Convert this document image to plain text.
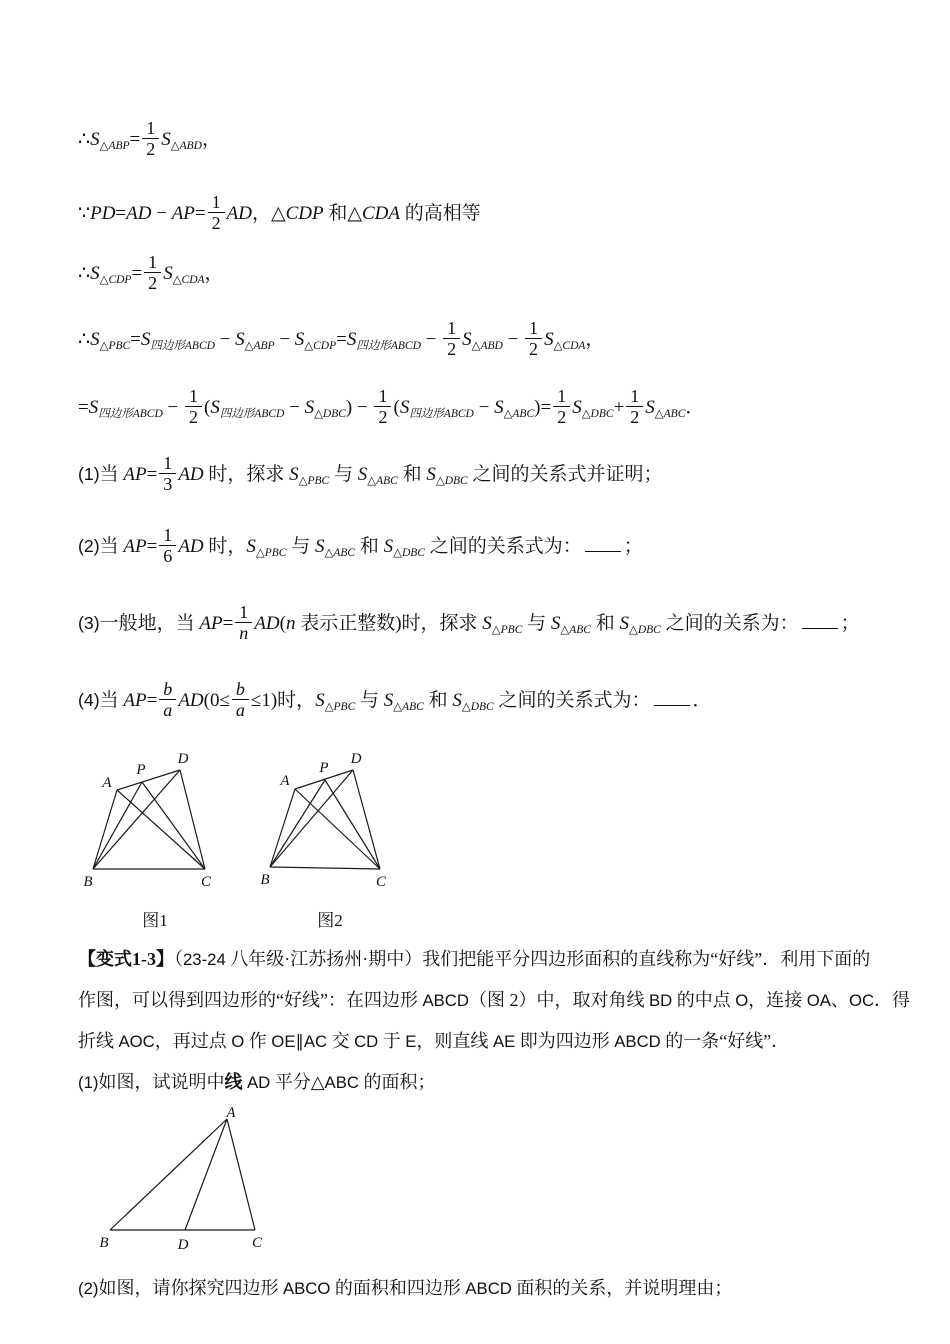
$\therefore S_{\triangle ABP}= \frac{1}{2} S_{\triangle ABD}$，
∵PD=AD − $AP= \frac{1}{2}$ AD，△CDP 和△CDA 的高相等
$\therefore S_{\triangle CDP}= \frac{1}{2} S_{\triangle CDA}$，
$\therefore S_{\triangle PBC}=S_{四边形ABCD} - S_{\triangle ABP} - S_{\triangle CDP}=S_{四边形ABCD} - \frac{1}{2} S_{\triangle ABD} - \frac{1}{2} S_{\triangle CDA}$，
$=S_{四边形ABCD} - \frac{1}{2} (S_{四边形ABCD} - S_{\triangle DBC}) - \frac{1}{2} (S_{四边形ABCD} - S_{\triangle ABC})= \frac{1}{2} S_{\triangle DBC}+ \frac{1}{2} S_{\triangle ABC}$．
(1)当 $AP= \frac{1}{3}$ AD 时，探求 $S_{\triangle PBC}$ 与 $S_{\triangle ABC}$ 和 $S_{\triangle DBC}$ 之间的关系式并证明；
(2)当 $AP= \frac{1}{6}$ AD 时，$S_{\triangle PBC}$ 与 $S_{\triangle ABC}$ 和 $S_{\triangle DBC}$ 之间的关系式为： ；
(3)一般地，当 $AP= \frac{1}{n} AD(n$ 表示正整数)时，探求 $S_{\triangle PBC}$ 与 $S_{\triangle ABC}$ 和 $S_{\triangle DBC}$ 之间的关系为： ；
(4)当 $AP= \frac{b}{a} AD(0\le \frac{b}{a} \le 1)$时，$S_{\triangle PBC}$ 与 $S_{\triangle ABC}$ 和 $S_{\triangle DBC}$ 之间的关系式为： ．
A
P
D
B	C
图1
A
P
D
B	C
图2
【变式1-3】（23-24 八年级·江苏扬州·期中）我们把能平分四边形面积的直线称为“好线”．利用下面的
作图，可以得到四边形的“好线”：在四边形 ABCD（图 2）中，取对角线 BD 的中点 O，连接 OA、OC．得
折线 AOC，再过点 O 作 OE∥AC 交 CD 于 E，则直线 AE 即为四边形 ABCD 的一条“好线”．
(1)如图，试说明中线 AD 平分△ABC 的面积；
A
B	D	C
(2)如图，请你探究四边形 ABCO 的面积和四边形 ABCD 面积的关系，并说明理由；
